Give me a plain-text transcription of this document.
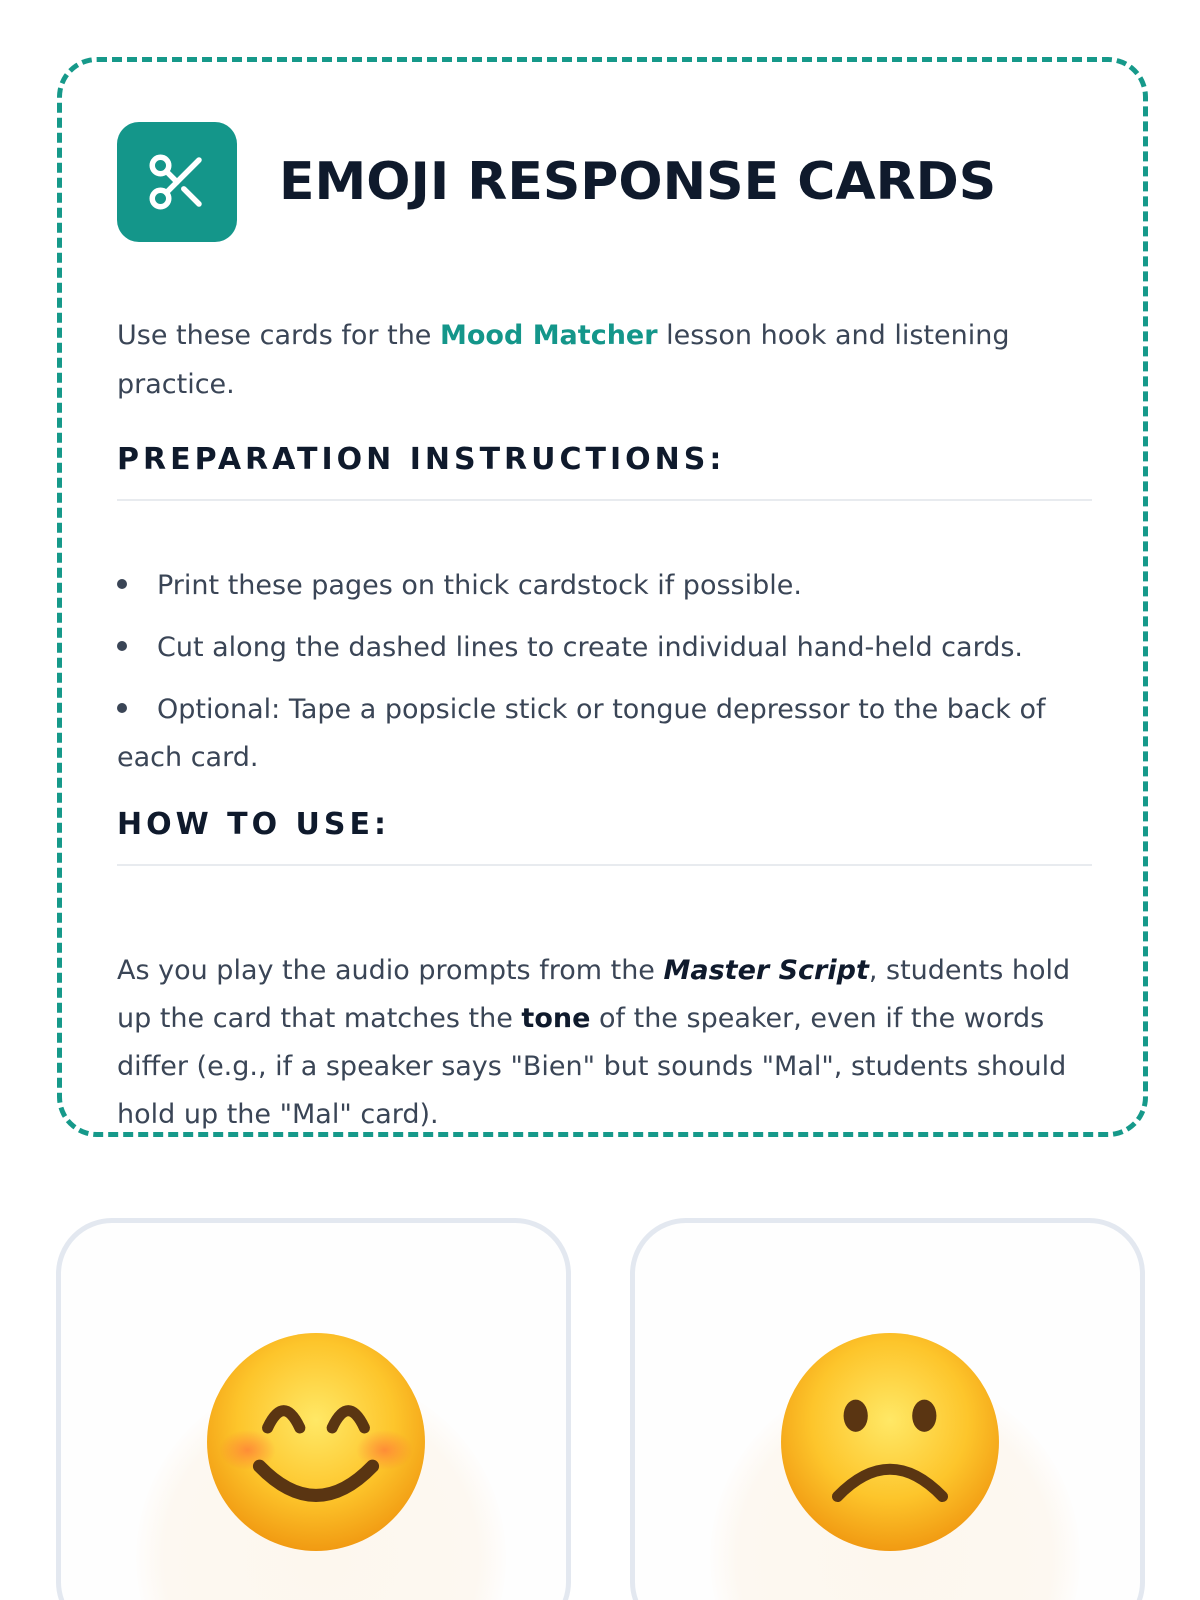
EMOJI RESPONSE CARDS

Use these cards for the Mood Matcher lesson hook and listening practice.

PREPARATION INSTRUCTIONS:
Print these pages on thick cardstock if possible.
Cut along the dashed lines to create individual hand-held cards.
Optional: Tape a popsicle stick or tongue depressor to the back of each card.
HOW TO USE:

As you play the audio prompts from the Master Script, students hold up the card that matches the tone of the speaker, even if the words differ (e.g., if a speaker says "Bien" but sounds "Mal", students should hold up the "Mal" card).
